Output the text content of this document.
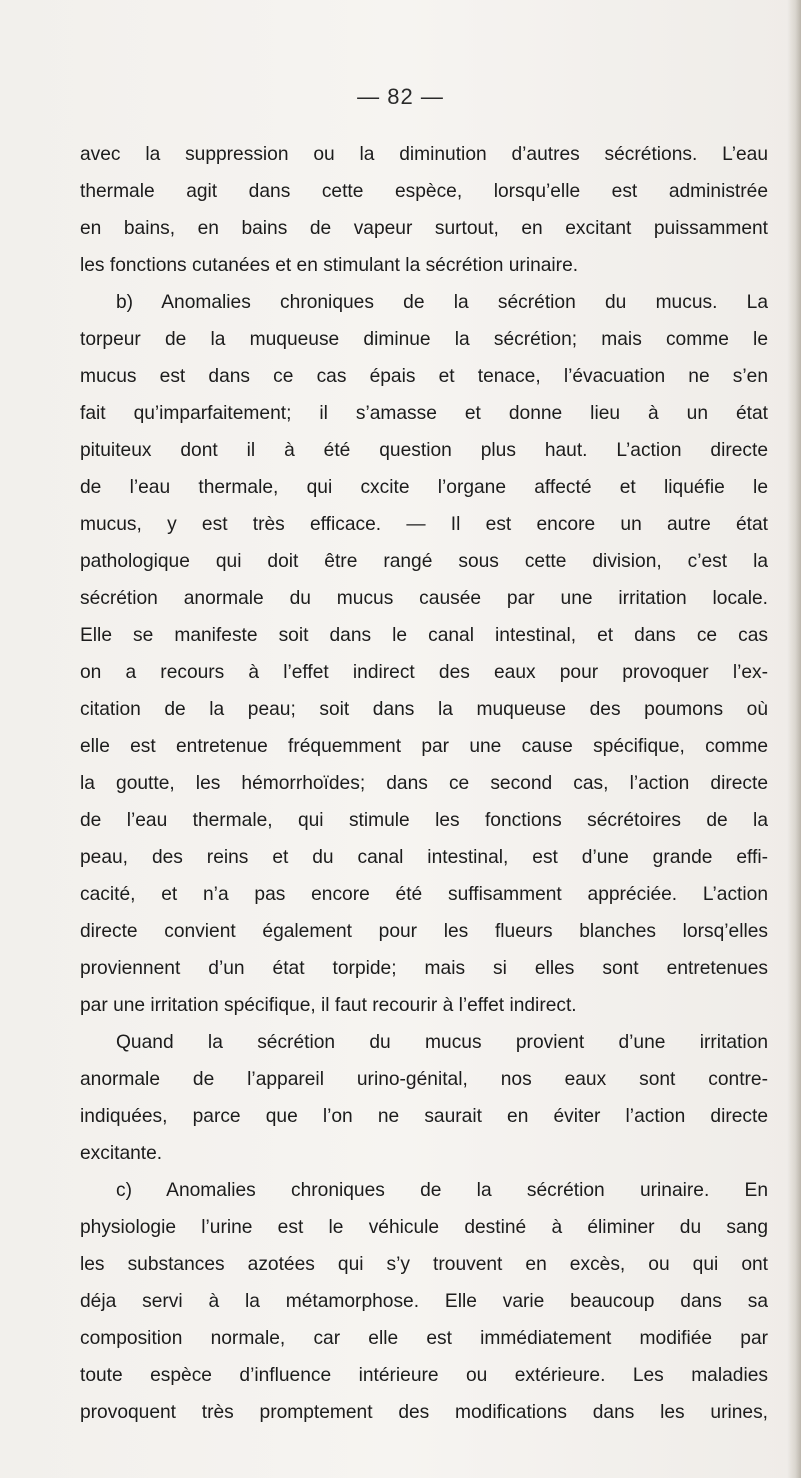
— 82 —

avec la suppression ou la diminution d’autres sécrétions. L’eau
thermale agit dans cette espèce, lorsqu’elle est administrée
en bains, en bains de vapeur surtout, en excitant puissamment
les fonctions cutanées et en stimulant la sécrétion urinaire.
b) Anomalies chroniques de la sécrétion du mucus. La
torpeur de la muqueuse diminue la sécrétion; mais comme le
mucus est dans ce cas épais et tenace, l’évacuation ne s’en
fait qu’imparfaitement; il s’amasse et donne lieu à un état
pituiteux dont il à été question plus haut. L’action directe
de l’eau thermale, qui cxcite l’organe affecté et liquéfie le
mucus, y est très efficace. — Il est encore un autre état
pathologique qui doit être rangé sous cette division, c’est la
sécrétion anormale du mucus causée par une irritation locale.
Elle se manifeste soit dans le canal intestinal, et dans ce cas
on a recours à l’effet indirect des eaux pour provoquer l’ex-
citation de la peau; soit dans la muqueuse des poumons où
elle est entretenue fréquemment par une cause spécifique, comme
la goutte, les hémorrhoïdes; dans ce second cas, l’action directe
de l’eau thermale, qui stimule les fonctions sécrétoires de la
peau, des reins et du canal intestinal, est d’une grande effi-
cacité, et n’a pas encore été suffisamment appréciée. L’action
directe convient également pour les flueurs blanches lorsq’elles
proviennent d’un état torpide; mais si elles sont entretenues
par une irritation spécifique, il faut recourir à l’effet indirect.
Quand la sécrétion du mucus provient d’une irritation
anormale de l’appareil urino-génital, nos eaux sont contre-
indiquées, parce que l’on ne saurait en éviter l’action directe
excitante.
c) Anomalies chroniques de la sécrétion urinaire. En
physiologie l’urine est le véhicule destiné à éliminer du sang
les substances azotées qui s’y trouvent en excès, ou qui ont
déja servi à la métamorphose. Elle varie beaucoup dans sa
composition normale, car elle est immédiatement modifiée par
toute espèce d’influence intérieure ou extérieure. Les maladies
provoquent très promptement des modifications dans les urines,
